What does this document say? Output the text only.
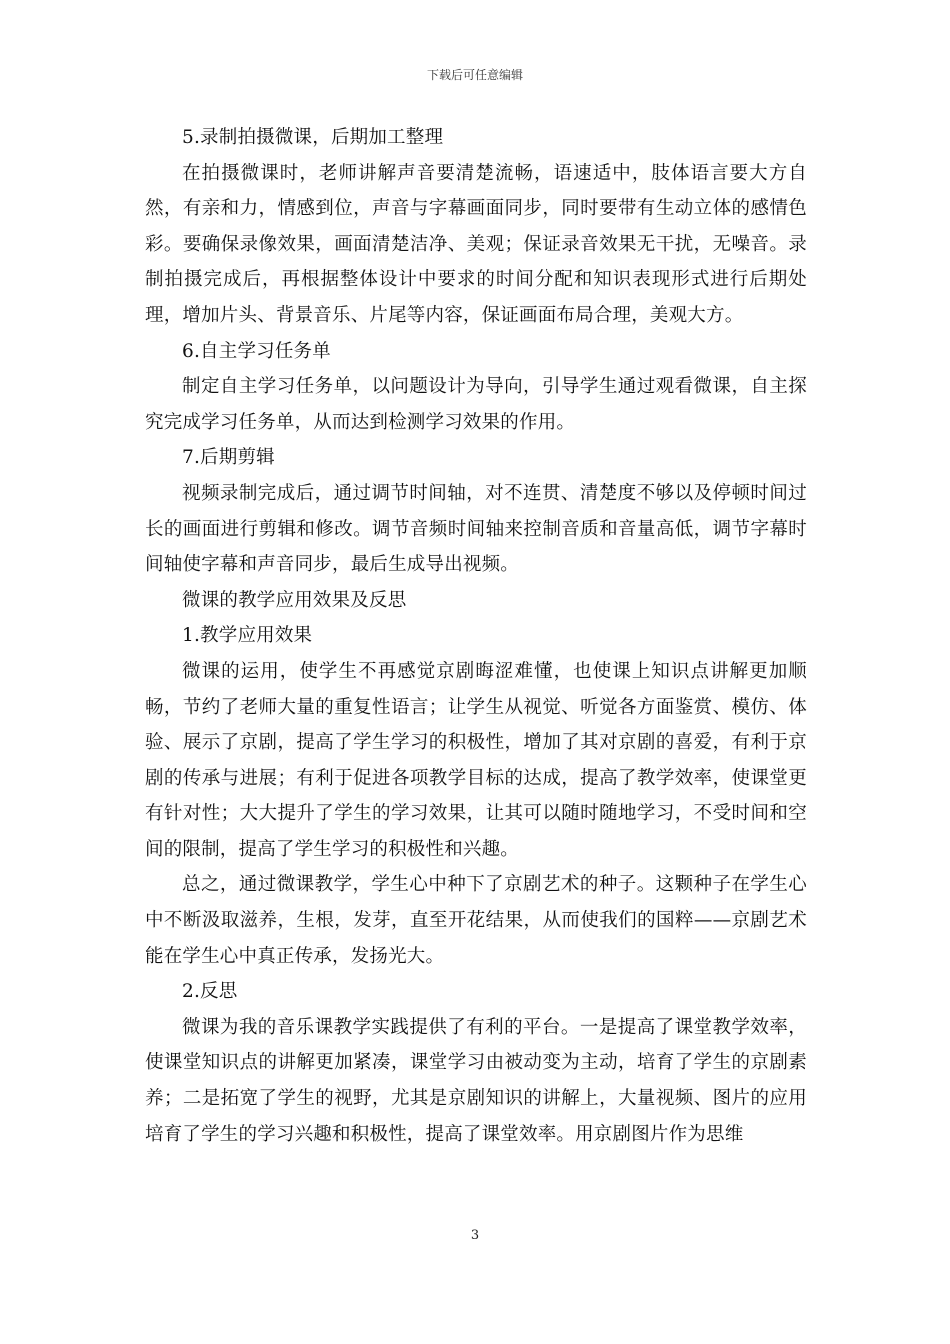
下载后可任意编辑

5.录制拍摄微课，后期加工整理

在拍摄微课时，老师讲解声音要清楚流畅，语速适中，肢体语言要大方自然，有亲和力，情感到位，声音与字幕画面同步，同时要带有生动立体的感情色彩。要确保录像效果，画面清楚洁净、美观；保证录音效果无干扰，无噪音。录制拍摄完成后，再根据整体设计中要求的时间分配和知识表现形式进行后期处理，增加片头、背景音乐、片尾等内容，保证画面布局合理，美观大方。

6.自主学习任务单

制定自主学习任务单，以问题设计为导向，引导学生通过观看微课，自主探究完成学习任务单，从而达到检测学习效果的作用。

7.后期剪辑

视频录制完成后，通过调节时间轴，对不连贯、清楚度不够以及停顿时间过长的画面进行剪辑和修改。调节音频时间轴来控制音质和音量高低，调节字幕时间轴使字幕和声音同步，最后生成导出视频。

微课的教学应用效果及反思

1.教学应用效果

微课的运用，使学生不再感觉京剧晦涩难懂，也使课上知识点讲解更加顺畅，节约了老师大量的重复性语言；让学生从视觉、听觉各方面鉴赏、模仿、体验、展示了京剧，提高了学生学习的积极性，增加了其对京剧的喜爱，有利于京剧的传承与进展；有利于促进各项教学目标的达成，提高了教学效率，使课堂更有针对性；大大提升了学生的学习效果，让其可以随时随地学习，不受时间和空间的限制，提高了学生学习的积极性和兴趣。

总之，通过微课教学，学生心中种下了京剧艺术的种子。这颗种子在学生心中不断汲取滋养，生根，发芽，直至开花结果，从而使我们的国粹——京剧艺术能在学生心中真正传承，发扬光大。

2.反思

微课为我的音乐课教学实践提供了有利的平台。一是提高了课堂教学效率，使课堂知识点的讲解更加紧凑，课堂学习由被动变为主动，培育了学生的京剧素养；二是拓宽了学生的视野，尤其是京剧知识的讲解上，大量视频、图片的应用培育了学生的学习兴趣和积极性，提高了课堂效率。用京剧图片作为思维

3
